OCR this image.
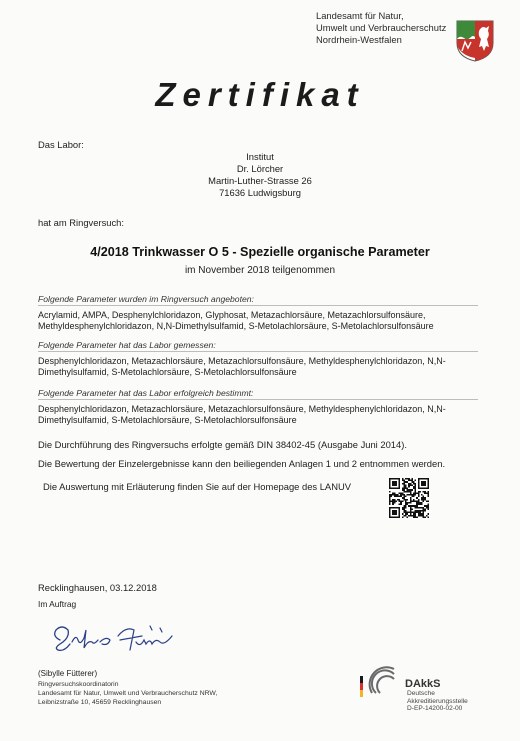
Landesamt für Natur,
Umwelt und Verbraucherschutz
Nordrhein-Westfalen
Zertifikat
Das Labor:
Institut
Dr. Lörcher
Martin-Luther-Strasse 26
71636 Ludwigsburg
hat am Ringversuch:
4/2018 Trinkwasser O 5 - Spezielle organische Parameter
im November 2018 teilgenommen
Folgende Parameter wurden im Ringversuch angeboten:
Acrylamid, AMPA, Desphenylchloridazon, Glyphosat, Metazachlorsäure, Metazachlorsulfonsäure, Methyldesphenylchloridazon, N,N-Dimethylsulfamid, S-Metolachlorsäure, S-Metolachlorsulfonsäure
Folgende Parameter hat das Labor gemessen:
Desphenylchloridazon, Metazachlorsäure, Metazachlorsulfonsäure, Methyldesphenylchloridazon, N,N-Dimethylsulfamid, S-Metolachlorsäure, S-Metolachlorsulfonsäure
Folgende Parameter hat das Labor erfolgreich bestimmt:
Desphenylchloridazon, Metazachlorsäure, Metazachlorsulfonsäure, Methyldesphenylchloridazon, N,N-Dimethylsulfamid, S-Metolachlorsäure, S-Metolachlorsulfonsäure
Die Durchführung des Ringversuchs erfolgte gemäß DIN 38402-45 (Ausgabe Juni 2014).
Die Bewertung der Einzelergebnisse kann den beiliegenden Anlagen 1 und 2 entnommen werden.
Die Auswertung mit Erläuterung finden Sie auf der Homepage des LANUV
Recklinghausen, 03.12.2018
Im Auftrag
(Sibylle Fütterer)
Ringversuchskoordinatorin
Landesamt für Natur, Umwelt und Verbraucherschutz NRW,
Leibnizstraße 10, 45659 Recklinghausen
DAkkS
Deutsche
Akkreditierungsstelle
D-EP-14200-02-00
